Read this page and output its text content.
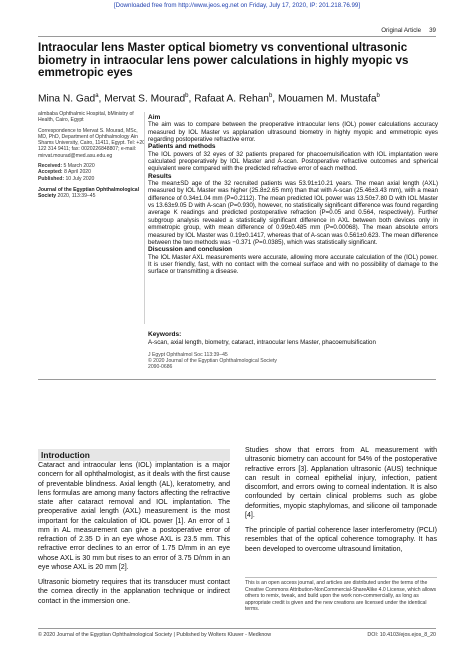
[Downloaded free from http://www.jeos.eg.net on Friday, July 17, 2020, IP: 201.218.76.99]
Original Article 39
Intraocular lens Master optical biometry vs conventional ultrasonic biometry in intraocular lens power calculations in highly myopic vs emmetropic eyes
Mina N. Gad$^a$, Mervat S. Mourad$^b$, Rafaat A. Rehan$^b$, Mouamen M. Mustafa$^b$

aImbaba Ophthalmic Hospital, bMinistry of Health, Cairo, Egypt

Correspondence to Mervat S. Mourad, MSc, MD, PhD, Department of Ophthalmology Ain Shams University, Cairo, 11411, Egypt. Tel: +20 122 314 9411; fax: 0020226848807; e-mail: mirvat.mourad@med.asu.edu.eg

Received: 5 March 2020
Accepted: 8 April 2020
Published: 10 July 2020

Journal of the Egyptian Ophthalmological Society 2020, 113:39–45

Aim

The aim was to compare between the preoperative intraocular lens (IOL) power calculations accuracy measured by IOL Master vs applanation ultrasound biometry in highly myopic and emmetropic eyes regarding postoperative refractive error.

Patients and methods

The IOL powers of 32 eyes of 32 patients prepared for phacoemulsification with IOL implantation were calculated preoperatively by IOL Master and A-scan. Postoperative refractive outcomes and spherical equivalent were compared with the predicted refractive error of each method.

Results

The mean±SD age of the 32 recruited patients was 53.91±10.21 years. The mean axial length (AXL) measured by IOL Master was higher (25.8±2.65 mm) than that with A-scan (25.46±3.43 mm), with a mean difference of 0.34±1.04 mm (P=0.2112). The mean predicted IOL power was 13.50±7.80 D with IOL Master vs 13.63±9.05 D with A-scan (P=0.930), however, no statistically significant difference was found regarding average K readings and predicted postoperative refraction (P=0.05 and 0.564, respectively). Further subgroup analysis revealed a statistically significant difference in AXL between both devices only in emmetropic group, with mean difference of 0.99±0.485 mm (P=0.00068). The mean absolute errors measured by IOL Master was 0.19±0.1417, whereas that of A-scan was 0.561±0.623. The mean difference between the two methods was −0.371 (P=0.0385), which was statistically significant.

Discussion and conclusion

The IOL Master AXL measurements were accurate, allowing more accurate calculation of the (IOL) power. It is user friendly, fast, with no contact with the corneal surface and with no possibility of damage to the surface or transmitting a disease.

Keywords:
A-scan, axial length, biometry, cataract, intraocular lens Master, phacoemulsification
J Egypt Ophthalmol Soc 113:39–45
© 2020 Journal of the Egyptian Ophthalmological Society
2090-0686
Introduction

Cataract and intraocular lens (IOL) implantation is a major concern for all ophthalmologist, as it deals with the first cause of preventable blindness. Axial length (AL), keratometry, and lens formulas are among many factors affecting the refractive state after cataract removal and IOL implantation. The preoperative axial length (AXL) measurement is the most important for the calculation of IOL power [1]. An error of 1 mm in AL measurement can give a postoperative error of refraction of 2.35 D in an eye whose AXL is 23.5 mm. This refractive error declines to an error of 1.75 D/mm in an eye whose AXL is 30 mm but rises to an error of 3.75 D/mm in an eye whose AXL is 20 mm [2].

Ultrasonic biometry requires that its transducer must contact the cornea directly in the applanation technique or indirect contact in the immersion one.

Studies show that errors from AL measurement with ultrasonic biometry can account for 54% of the postoperative refractive errors [3]. Applanation ultrasonic (AUS) technique can result in corneal epithelial injury, infection, patient discomfort, and errors owing to corneal indentation. It is also confounded by certain clinical problems such as globe deformities, myopic staphylomas, and silicone oil tamponade [4].

The principle of partial coherence laser interferometry (PCLI) resembles that of the optical coherence tomography. It has been developed to overcome ultrasound limitation,

This is an open access journal, and articles are distributed under the terms of the Creative Commons Attribution-NonCommercial-ShareAlike 4.0 License, which allows others to remix, tweak, and build upon the work non-commercially, as long as appropriate credit is given and the new creations are licensed under the identical terms.
© 2020 Journal of the Egyptian Ophthalmological Society | Published by Wolters Kluwer - Medknow	DOI: 10.4103/ejos.ejos_8_20
